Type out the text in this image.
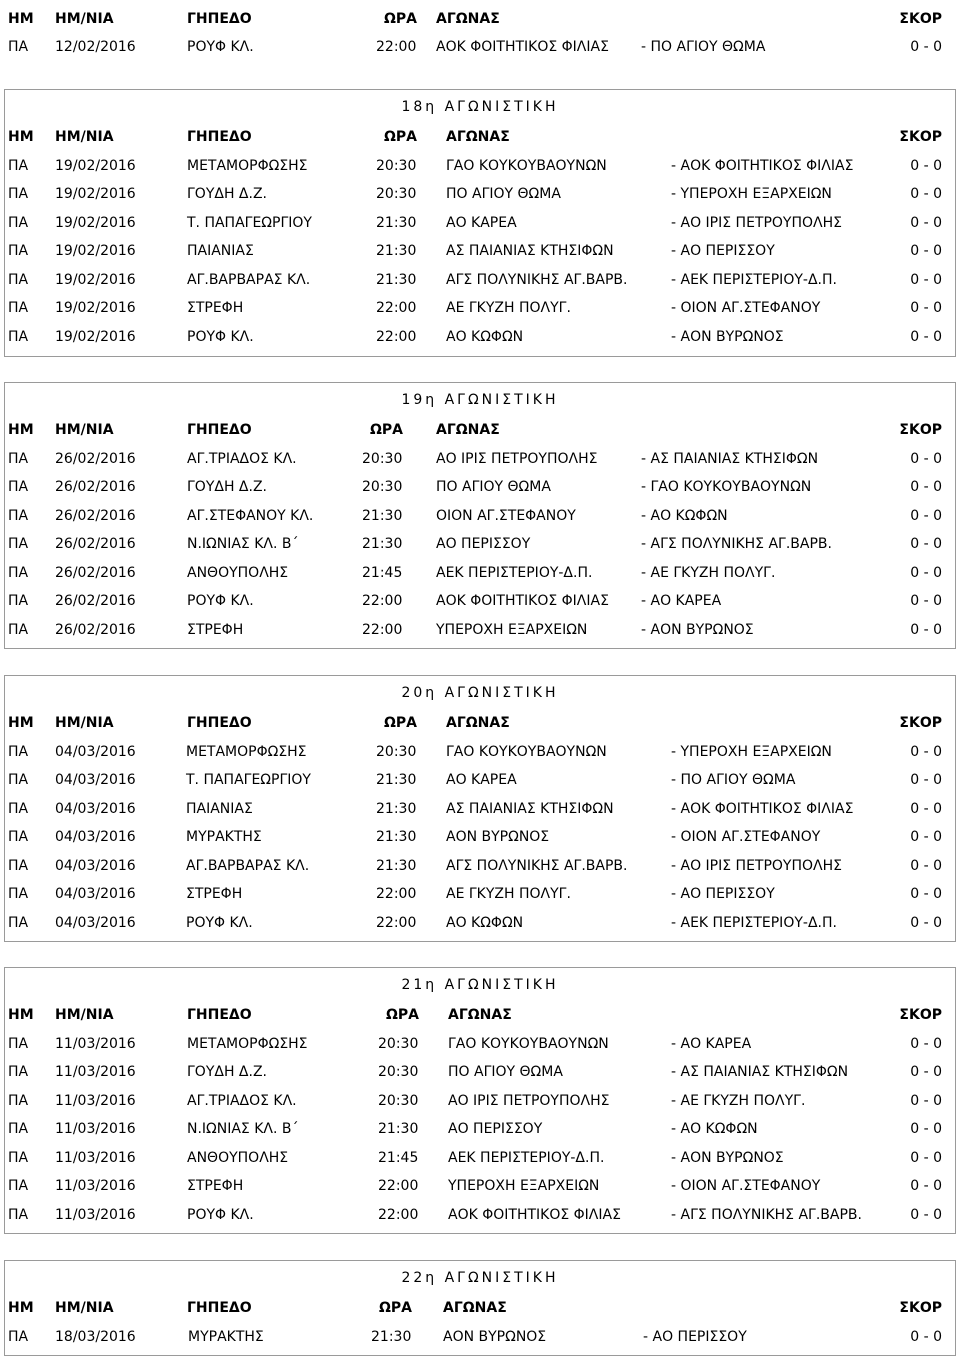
ΗΜ ΗΜ/ΝΙΑ	ΓΗΠΕΔΟ	ΩΡΑ ΑΓΩΝΑΣ	ΣΚΟΡ
ΠΑ 12/02/2016	ΡΟΥΦ ΚΛ.	22:00 ΑΟΚ ΦΟΙΤΗΤΙΚΟΣ ΦΙΛΙΑΣ - ΠΟ ΑΓΙΟΥ ΘΩΜΑ	0 - 0
18η ΑΓΩΝΙΣΤΙΚΗ
ΗΜ ΗΜ/ΝΙΑ	ΓΗΠΕΔΟ	ΩΡΑ ΑΓΩΝΑΣ	ΣΚΟΡ
ΠΑ 19/02/2016	ΜΕΤΑΜΟΡΦΩΣΗΣ	20:30 ΓΑΟ ΚΟΥΚΟΥΒΑΟΥΝΩΝ	- ΑΟΚ ΦΟΙΤΗΤΙΚΟΣ ΦΙΛΙΑΣ	0 - 0
ΠΑ 19/02/2016	ΓΟΥΔΗ Δ.Ζ.	20:30 ΠΟ ΑΓΙΟΥ ΘΩΜΑ	- ΥΠΕΡΟΧΗ ΕΞΑΡΧΕΙΩΝ	0 - 0
ΠΑ 19/02/2016	Τ. ΠΑΠΑΓΕΩΡΓΙΟΥ	21:30 ΑΟ ΚΑΡΕΑ	- ΑΟ ΙΡΙΣ ΠΕΤΡΟΥΠΟΛΗΣ	0 - 0
ΠΑ 19/02/2016	ΠΑΙΑΝΙΑΣ	21:30 ΑΣ ΠΑΙΑΝΙΑΣ ΚΤΗΣΙΦΩΝ	- ΑΟ ΠΕΡΙΣΣΟΥ	0 - 0
ΠΑ 19/02/2016	ΑΓ.ΒΑΡΒΑΡΑΣ ΚΛ.	21:30 ΑΓΣ ΠΟΛΥΝΙΚΗΣ ΑΓ.ΒΑΡΒ.	- ΑΕΚ ΠΕΡΙΣΤΕΡΙΟΥ-Δ.Π.	0 - 0
ΠΑ 19/02/2016	ΣΤΡΕΦΗ	22:00 ΑΕ ΓΚΥΖΗ ΠΟΛΥΓ.	- ΟΙΟΝ ΑΓ.ΣΤΕΦΑΝΟΥ	0 - 0
ΠΑ 19/02/2016	ΡΟΥΦ ΚΛ.	22:00 ΑΟ ΚΩΦΩΝ	- ΑΟΝ ΒΥΡΩΝΟΣ	0 - 0
19η ΑΓΩΝΙΣΤΙΚΗ
ΗΜ ΗΜ/ΝΙΑ	ΓΗΠΕΔΟ	ΩΡΑ ΑΓΩΝΑΣ	ΣΚΟΡ
ΠΑ 26/02/2016	ΑΓ.ΤΡΙΑΔΟΣ ΚΛ.	20:30 ΑΟ ΙΡΙΣ ΠΕΤΡΟΥΠΟΛΗΣ	- ΑΣ ΠΑΙΑΝΙΑΣ ΚΤΗΣΙΦΩΝ	0 - 0
ΠΑ 26/02/2016	ΓΟΥΔΗ Δ.Ζ.	20:30 ΠΟ ΑΓΙΟΥ ΘΩΜΑ	- ΓΑΟ ΚΟΥΚΟΥΒΑΟΥΝΩΝ	0 - 0
ΠΑ 26/02/2016	ΑΓ.ΣΤΕΦΑΝΟΥ ΚΛ.	21:30 ΟΙΟΝ ΑΓ.ΣΤΕΦΑΝΟΥ	- ΑΟ ΚΩΦΩΝ	0 - 0
ΠΑ 26/02/2016	Ν.ΙΩΝΙΑΣ ΚΛ. Β΄	21:30 ΑΟ ΠΕΡΙΣΣΟΥ	- ΑΓΣ ΠΟΛΥΝΙΚΗΣ ΑΓ.ΒΑΡΒ.	0 - 0
ΠΑ 26/02/2016	ΑΝΘΟΥΠΟΛΗΣ	21:45 ΑΕΚ ΠΕΡΙΣΤΕΡΙΟΥ-Δ.Π.	- ΑΕ ΓΚΥΖΗ ΠΟΛΥΓ.	0 - 0
ΠΑ 26/02/2016	ΡΟΥΦ ΚΛ.	22:00 ΑΟΚ ΦΟΙΤΗΤΙΚΟΣ ΦΙΛΙΑΣ - ΑΟ ΚΑΡΕΑ	0 - 0
ΠΑ 26/02/2016	ΣΤΡΕΦΗ	22:00 ΥΠΕΡΟΧΗ ΕΞΑΡΧΕΙΩΝ	- ΑΟΝ ΒΥΡΩΝΟΣ	0 - 0
20η ΑΓΩΝΙΣΤΙΚΗ
ΗΜ ΗΜ/ΝΙΑ	ΓΗΠΕΔΟ	ΩΡΑ ΑΓΩΝΑΣ	ΣΚΟΡ
ΠΑ 04/03/2016	ΜΕΤΑΜΟΡΦΩΣΗΣ	20:30 ΓΑΟ ΚΟΥΚΟΥΒΑΟΥΝΩΝ	- ΥΠΕΡΟΧΗ ΕΞΑΡΧΕΙΩΝ	0 - 0
ΠΑ 04/03/2016	Τ. ΠΑΠΑΓΕΩΡΓΙΟΥ	21:30 ΑΟ ΚΑΡΕΑ	- ΠΟ ΑΓΙΟΥ ΘΩΜΑ	0 - 0
ΠΑ 04/03/2016	ΠΑΙΑΝΙΑΣ	21:30 ΑΣ ΠΑΙΑΝΙΑΣ ΚΤΗΣΙΦΩΝ	- ΑΟΚ ΦΟΙΤΗΤΙΚΟΣ ΦΙΛΙΑΣ	0 - 0
ΠΑ 04/03/2016	ΜΥΡΑΚΤΗΣ	21:30 ΑΟΝ ΒΥΡΩΝΟΣ	- ΟΙΟΝ ΑΓ.ΣΤΕΦΑΝΟΥ	0 - 0
ΠΑ 04/03/2016	ΑΓ.ΒΑΡΒΑΡΑΣ ΚΛ.	21:30 ΑΓΣ ΠΟΛΥΝΙΚΗΣ ΑΓ.ΒΑΡΒ.	- ΑΟ ΙΡΙΣ ΠΕΤΡΟΥΠΟΛΗΣ	0 - 0
ΠΑ 04/03/2016	ΣΤΡΕΦΗ	22:00 ΑΕ ΓΚΥΖΗ ΠΟΛΥΓ.	- ΑΟ ΠΕΡΙΣΣΟΥ	0 - 0
ΠΑ 04/03/2016	ΡΟΥΦ ΚΛ.	22:00 ΑΟ ΚΩΦΩΝ	- ΑΕΚ ΠΕΡΙΣΤΕΡΙΟΥ-Δ.Π.	0 - 0
21η ΑΓΩΝΙΣΤΙΚΗ
ΗΜ ΗΜ/ΝΙΑ	ΓΗΠΕΔΟ	ΩΡΑ ΑΓΩΝΑΣ	ΣΚΟΡ
ΠΑ 11/03/2016	ΜΕΤΑΜΟΡΦΩΣΗΣ	20:30 ΓΑΟ ΚΟΥΚΟΥΒΑΟΥΝΩΝ	- ΑΟ ΚΑΡΕΑ	0 - 0
ΠΑ 11/03/2016	ΓΟΥΔΗ Δ.Ζ.	20:30 ΠΟ ΑΓΙΟΥ ΘΩΜΑ	- ΑΣ ΠΑΙΑΝΙΑΣ ΚΤΗΣΙΦΩΝ	0 - 0
ΠΑ 11/03/2016	ΑΓ.ΤΡΙΑΔΟΣ ΚΛ.	20:30 ΑΟ ΙΡΙΣ ΠΕΤΡΟΥΠΟΛΗΣ	- ΑΕ ΓΚΥΖΗ ΠΟΛΥΓ.	0 - 0
ΠΑ 11/03/2016	Ν.ΙΩΝΙΑΣ ΚΛ. Β΄	21:30 ΑΟ ΠΕΡΙΣΣΟΥ	- ΑΟ ΚΩΦΩΝ	0 - 0
ΠΑ 11/03/2016	ΑΝΘΟΥΠΟΛΗΣ	21:45 ΑΕΚ ΠΕΡΙΣΤΕΡΙΟΥ-Δ.Π.	- ΑΟΝ ΒΥΡΩΝΟΣ	0 - 0
ΠΑ 11/03/2016	ΣΤΡΕΦΗ	22:00 ΥΠΕΡΟΧΗ ΕΞΑΡΧΕΙΩΝ	- ΟΙΟΝ ΑΓ.ΣΤΕΦΑΝΟΥ	0 - 0
ΠΑ 11/03/2016	ΡΟΥΦ ΚΛ.	22:00 ΑΟΚ ΦΟΙΤΗΤΙΚΟΣ ΦΙΛΙΑΣ	- ΑΓΣ ΠΟΛΥΝΙΚΗΣ ΑΓ.ΒΑΡΒ.	0 - 0
22η ΑΓΩΝΙΣΤΙΚΗ
ΗΜ ΗΜ/ΝΙΑ	ΓΗΠΕΔΟ	ΩΡΑ ΑΓΩΝΑΣ	ΣΚΟΡ
ΠΑ 18/03/2016	ΜΥΡΑΚΤΗΣ	21:30 ΑΟΝ ΒΥΡΩΝΟΣ	- ΑΟ ΠΕΡΙΣΣΟΥ	0 - 0
